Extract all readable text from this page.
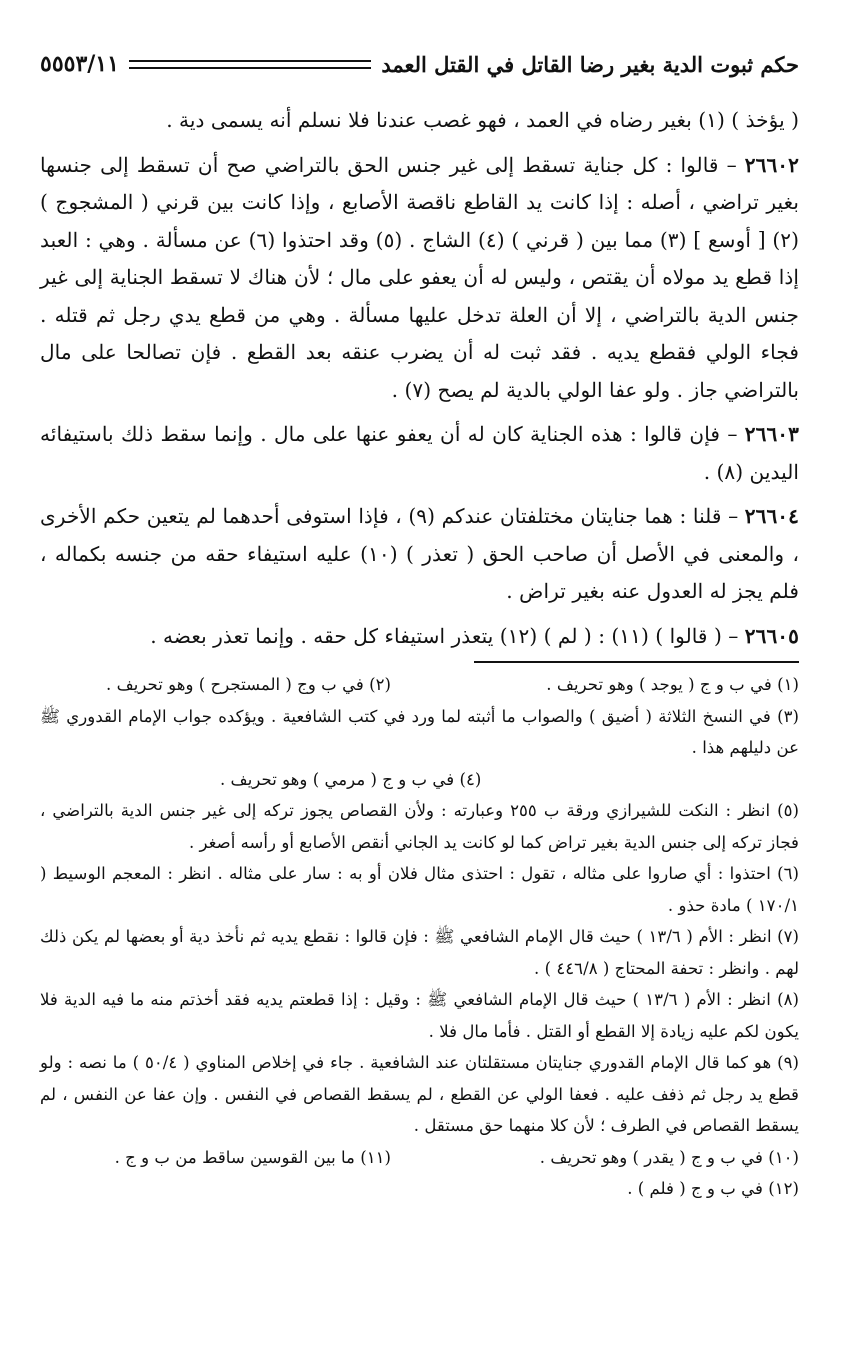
حكم ثبوت الدية بغير رضا القاتل في القتل العمد
٥٥٥٣/١١

( يؤخذ ) (١) بغير رضاه في العمد ، فهو غصب عندنا فلا نسلم أنه يسمى دية .

٢٦٦٠٢ – قالوا : كل جناية تسقط إلى غير جنس الحق بالتراضي صح أن تسقط إلى جنسها بغير تراضي ، أصله : إذا كانت يد القاطع ناقصة الأصابع ، وإذا كانت بين قرني ( المشجوج ) (٢) [ أوسع ] (٣) مما بين ( قرني ) (٤) الشاج . (٥) وقد احتذوا (٦) عن مسألة . وهي : العبد إذا قطع يد مولاه أن يقتص ، وليس له أن يعفو على مال ؛ لأن هناك لا تسقط الجناية إلى غير جنس الدية بالتراضي ، إلا أن العلة تدخل عليها مسألة . وهي من قطع يدي رجل ثم قتله . فجاء الولي فقطع يديه . فقد ثبت له أن يضرب عنقه بعد القطع . فإن تصالحا على مال بالتراضي جاز . ولو عفا الولي بالدية لم يصح (٧) .

٢٦٦٠٣ – فإن قالوا : هذه الجناية كان له أن يعفو عنها على مال . وإنما سقط ذلك باستيفائه اليدين (٨) .

٢٦٦٠٤ – قلنا : هما جنايتان مختلفتان عندكم (٩) ، فإذا استوفى أحدهما لم يتعين حكم الأخرى ، والمعنى في الأصل أن صاحب الحق ( تعذر ) (١٠) عليه استيفاء حقه من جنسه بكماله ، فلم يجز له العدول عنه بغير تراض .

٢٦٦٠٥ – ( قالوا ) (١١) : ( لم ) (١٢) يتعذر استيفاء كل حقه . وإنما تعذر بعضه .

(١) في ب و ج ( يوجد ) وهو تحريف .
(٢) في ب وج ( المستجرح ) وهو تحريف .

(٣) في النسخ الثلاثة ( أضيق ) والصواب ما أثبته لما ورد في كتب الشافعية . ويؤكده جواب الإمام القدوري ﷺ عن دليلهم هذا .

(٤) في ب و ج ( مرمي ) وهو تحريف .

(٥) انظر : النكت للشيرازي ورقة ب ٢٥٥ وعبارته : ولأن القصاص يجوز تركه إلى غير جنس الدية بالتراضي ، فجاز تركه إلى جنس الدية بغير تراض كما لو كانت يد الجاني أنقص الأصابع أو رأسه أصغر .

(٦) احتذوا : أي صاروا على مثاله ، تقول : احتذى مثال فلان أو به : سار على مثاله . انظر : المعجم الوسيط ( ١٧٠/١ ) مادة حذو .

(٧) انظر : الأم ( ١٣/٦ ) حيث قال الإمام الشافعي ﷺ : فإن قالوا : نقطع يديه ثم نأخذ دية أو بعضها لم يكن ذلك لهم . وانظر : تحفة المحتاج ( ٤٤٦/٨ ) .

(٨) انظر : الأم ( ١٣/٦ ) حيث قال الإمام الشافعي ﷺ : وقيل : إذا قطعتم يديه فقد أخذتم منه ما فيه الدية فلا يكون لكم عليه زيادة إلا القطع أو القتل . فأما مال فلا .

(٩) هو كما قال الإمام القدوري جنايتان مستقلتان عند الشافعية . جاء في إخلاص المناوي ( ٥٠/٤ ) ما نصه : ولو قطع يد رجل ثم ذفف عليه . فعفا الولي عن القطع ، لم يسقط القصاص في النفس . وإن عفا عن النفس ، لم يسقط القصاص في الطرف ؛ لأن كلا منهما حق مستقل .

(١٠) في ب و ج ( يقدر ) وهو تحريف .
(١١) ما بين القوسين ساقط من ب و ج .

(١٢) في ب و ج ( فلم ) .
